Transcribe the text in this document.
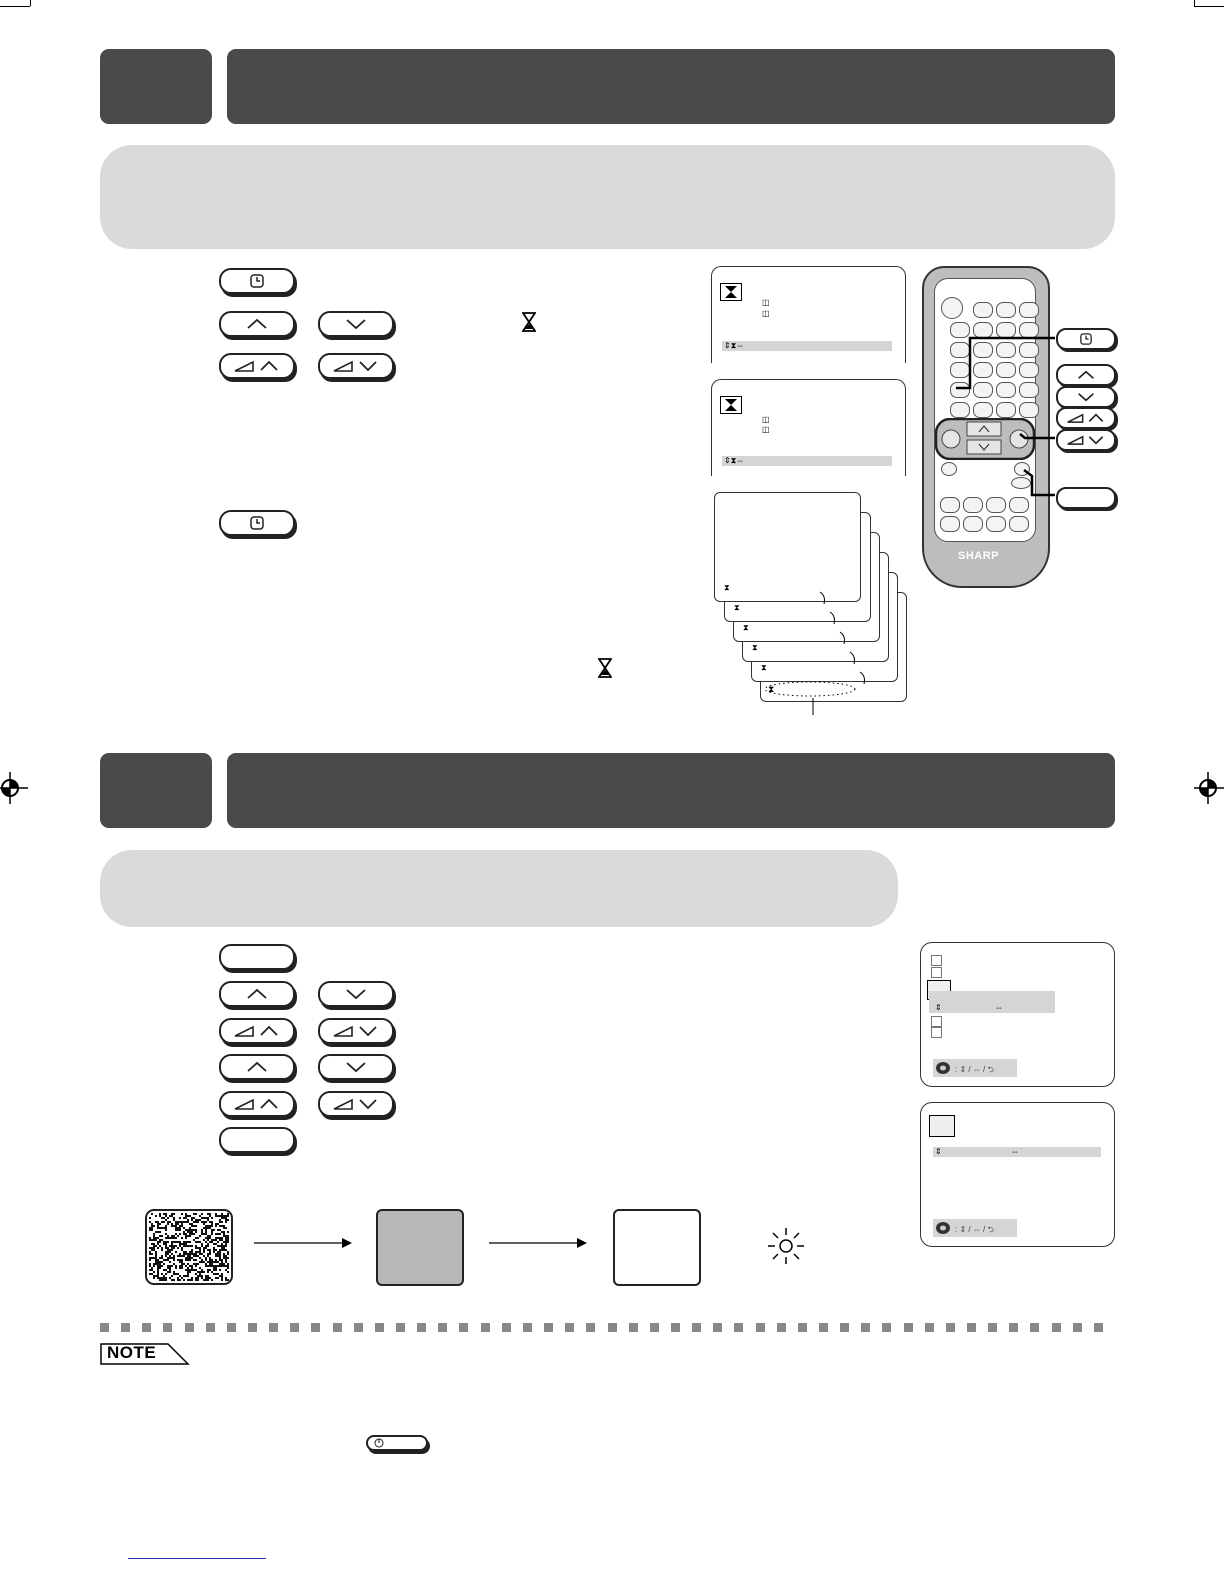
◫
◫
⇕⧗⇔
◫
◫
⇕⧗⇔
⧗
⧗
⧗
⧗
⧗
⧗
SHARP
⇕	⇔
: ⇕ / ⇔ / ⮌
⇕	⇔
: ⇕ / ⇔ / ⮌
NOTE
